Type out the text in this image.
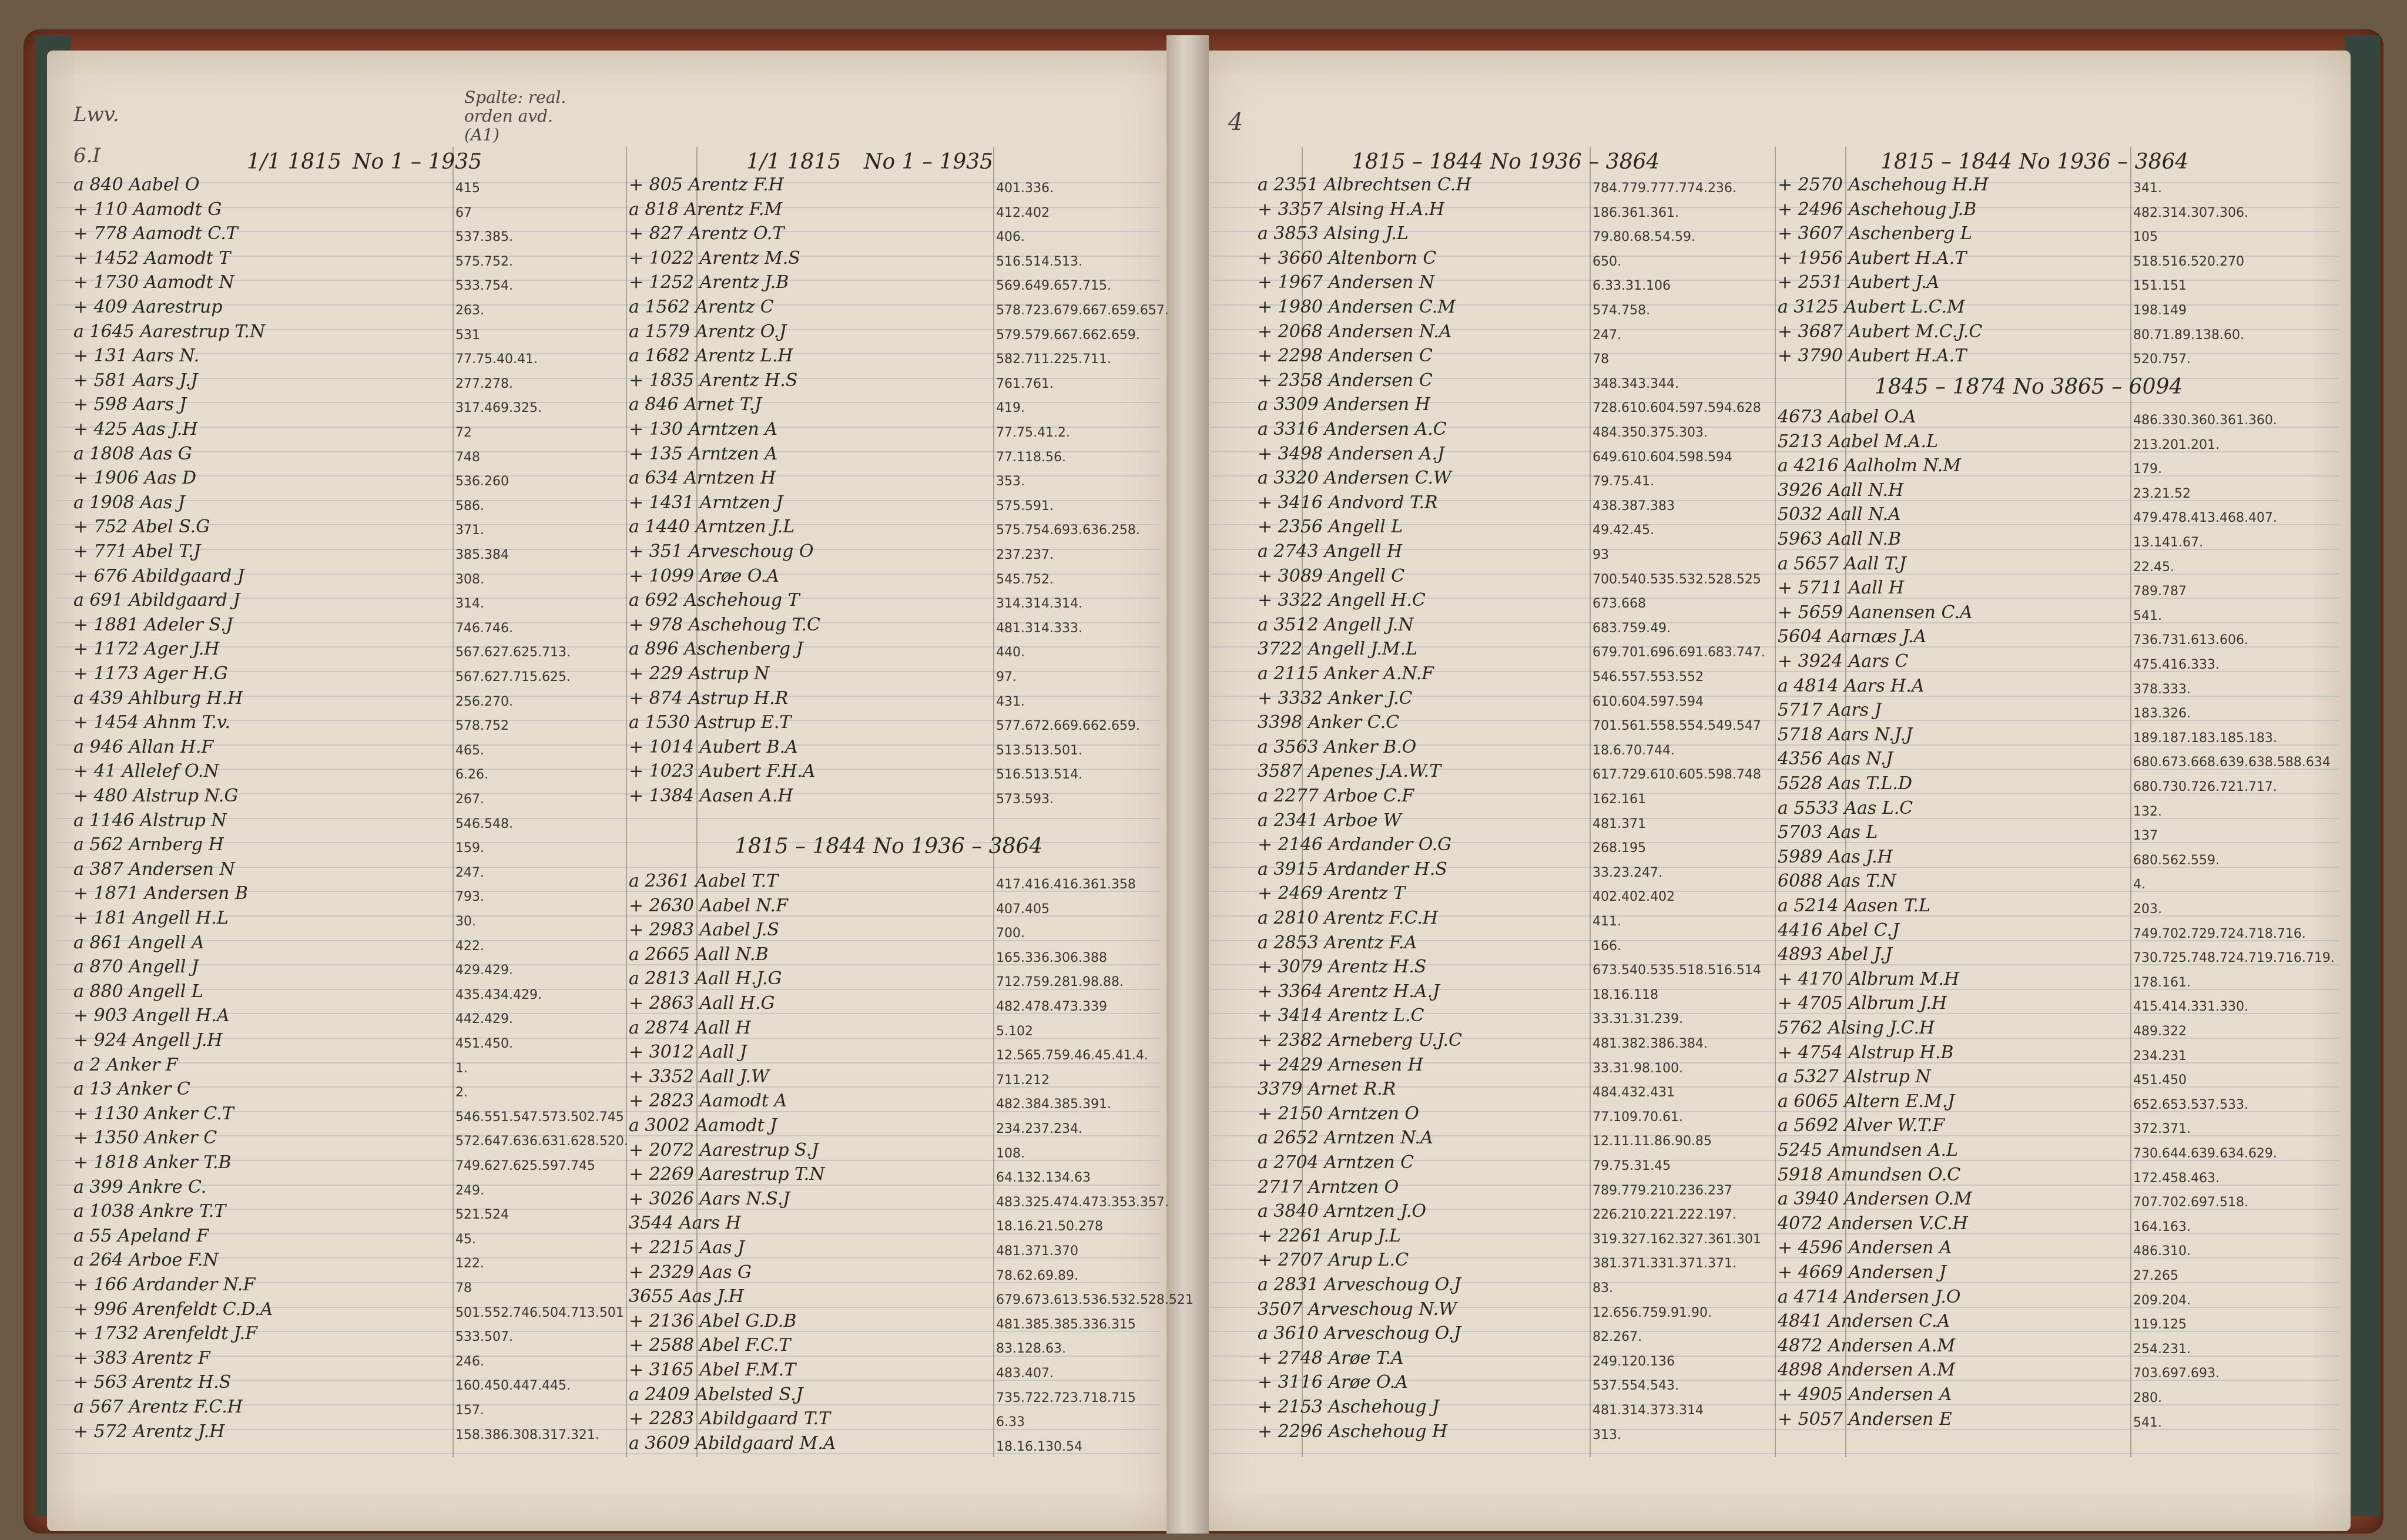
Lwv.
6.I
Spalte: real. orden avd. (A1)
1/1 1815 No 1 – 1935	1/1 1815 No 1 – 1935
1815 – 1844 No 1936 – 3864
4
1815 – 1844 No 1936 – 3864	1815 – 1844 No 1936 – 3864
1845 – 1874 No 3865 – 6094
a 840 Aabel O	415
+ 110 Aamodt G	67
+ 778 Aamodt C.T	537.385.
+ 1452 Aamodt T	575.752.
+ 1730 Aamodt N	533.754.
+ 409 Aarestrup	263.
a 1645 Aarestrup T.N	531
+ 131 Aars N.	77.75.40.41.
+ 581 Aars J.J	277.278.
+ 598 Aars J	317.469.325.
+ 425 Aas J.H	72
a 1808 Aas G	748
+ 1906 Aas D	536.260
a 1908 Aas J	586.
+ 752 Abel S.G	371.
+ 771 Abel T.J	385.384
+ 676 Abildgaard J	308.
a 691 Abildgaard J	314.
+ 1881 Adeler S.J	746.746.
+ 1172 Ager J.H	567.627.625.713.
+ 1173 Ager H.G	567.627.715.625.
a 439 Ahlburg H.H	256.270.
+ 1454 Ahnm T.v.	578.752
a 946 Allan H.F	465.
+ 41 Allelef O.N	6.26.
+ 480 Alstrup N.G	267.
a 1146 Alstrup N	546.548.
a 562 Arnberg H	159.
a 387 Andersen N	247.
+ 1871 Andersen B	793.
+ 181 Angell H.L	30.
a 861 Angell A	422.
a 870 Angell J	429.429.
a 880 Angell L	435.434.429.
+ 903 Angell H.A	442.429.
+ 924 Angell J.H	451.450.
a 2 Anker F	1.
a 13 Anker C	2.
+ 1130 Anker C.T	546.551.547.573.502.745
+ 1350 Anker C	572.647.636.631.628.520.
+ 1818 Anker T.B	749.627.625.597.745
a 399 Ankre C.	249.
a 1038 Ankre T.T	521.524
a 55 Apeland F	45.
a 264 Arboe F.N	122.
+ 166 Ardander N.F	78
+ 996 Arenfeldt C.D.A	501.552.746.504.713.501
+ 1732 Arenfeldt J.F	533.507.
+ 383 Arentz F	246.
+ 563 Arentz H.S	160.450.447.445.
a 567 Arentz F.C.H	157.
+ 572 Arentz J.H	158.386.308.317.321.
+ 805 Arentz F.H	401.336.
a 818 Arentz F.M	412.402
+ 827 Arentz O.T	406.
+ 1022 Arentz M.S	516.514.513.
+ 1252 Arentz J.B	569.649.657.715.
a 1562 Arentz C	578.723.679.667.659.657.
a 1579 Arentz O.J	579.579.667.662.659.
a 1682 Arentz L.H	582.711.225.711.
+ 1835 Arentz H.S	761.761.
a 846 Arnet T.J	419.
+ 130 Arntzen A	77.75.41.2.
+ 135 Arntzen A	77.118.56.
a 634 Arntzen H	353.
+ 1431 Arntzen J	575.591.
a 1440 Arntzen J.L	575.754.693.636.258.
+ 351 Arveschoug O	237.237.
+ 1099 Arøe O.A	545.752.
a 692 Aschehoug T	314.314.314.
+ 978 Aschehoug T.C	481.314.333.
a 896 Aschenberg J	440.
+ 229 Astrup N	97.
+ 874 Astrup H.R	431.
a 1530 Astrup E.T	577.672.669.662.659.
+ 1014 Aubert B.A	513.513.501.
+ 1023 Aubert F.H.A	516.513.514.
+ 1384 Aasen A.H	573.593.
a 2361 Aabel T.T	417.416.416.361.358
+ 2630 Aabel N.F	407.405
+ 2983 Aabel J.S	700.
a 2665 Aall N.B	165.336.306.388
a 2813 Aall H.J.G	712.759.281.98.88.
+ 2863 Aall H.G	482.478.473.339
a 2874 Aall H	5.102
+ 3012 Aall J	12.565.759.46.45.41.4.
+ 3352 Aall J.W	711.212
+ 2823 Aamodt A	482.384.385.391.
a 3002 Aamodt J	234.237.234.
+ 2072 Aarestrup S.J	108.
+ 2269 Aarestrup T.N	64.132.134.63
+ 3026 Aars N.S.J	483.325.474.473.353.357.
3544 Aars H	18.16.21.50.278
+ 2215 Aas J	481.371.370
+ 2329 Aas G	78.62.69.89.
3655 Aas J.H	679.673.613.536.532.528.521
+ 2136 Abel G.D.B	481.385.385.336.315
+ 2588 Abel F.C.T	83.128.63.
+ 3165 Abel F.M.T	483.407.
a 2409 Abelsted S.J	735.722.723.718.715
+ 2283 Abildgaard T.T	6.33
a 3609 Abildgaard M.A	18.16.130.54
a 2351 Albrechtsen C.H	784.779.777.774.236.
+ 3357 Alsing H.A.H	186.361.361.
a 3853 Alsing J.L	79.80.68.54.59.
+ 3660 Altenborn C	650.
+ 1967 Andersen N	6.33.31.106
+ 1980 Andersen C.M	574.758.
+ 2068 Andersen N.A	247.
+ 2298 Andersen C	78
+ 2358 Andersen C	348.343.344.
a 3309 Andersen H	728.610.604.597.594.628
a 3316 Andersen A.C	484.350.375.303.
+ 3498 Andersen A.J	649.610.604.598.594
a 3320 Andersen C.W	79.75.41.
+ 3416 Andvord T.R	438.387.383
+ 2356 Angell L	49.42.45.
a 2743 Angell H	93
+ 3089 Angell C	700.540.535.532.528.525
+ 3322 Angell H.C	673.668
a 3512 Angell J.N	683.759.49.
3722 Angell J.M.L	679.701.696.691.683.747.
a 2115 Anker A.N.F	546.557.553.552
+ 3332 Anker J.C	610.604.597.594
3398 Anker C.C	701.561.558.554.549.547
a 3563 Anker B.O	18.6.70.744.
3587 Apenes J.A.W.T	617.729.610.605.598.748
a 2277 Arboe C.F	162.161
a 2341 Arboe W	481.371
+ 2146 Ardander O.G	268.195
a 3915 Ardander H.S	33.23.247.
+ 2469 Arentz T	402.402.402
a 2810 Arentz F.C.H	411.
a 2853 Arentz F.A	166.
+ 3079 Arentz H.S	673.540.535.518.516.514
+ 3364 Arentz H.A.J	18.16.118
+ 3414 Arentz L.C	33.31.31.239.
+ 2382 Arneberg U.J.C	481.382.386.384.
+ 2429 Arnesen H	33.31.98.100.
3379 Arnet R.R	484.432.431
+ 2150 Arntzen O	77.109.70.61.
a 2652 Arntzen N.A	12.11.11.86.90.85
a 2704 Arntzen C	79.75.31.45
2717 Arntzen O	789.779.210.236.237
a 3840 Arntzen J.O	226.210.221.222.197.
+ 2261 Arup J.L	319.327.162.327.361.301
+ 2707 Arup L.C	381.371.331.371.371.
a 2831 Arveschoug O.J	83.
3507 Arveschoug N.W	12.656.759.91.90.
a 3610 Arveschoug O.J	82.267.
+ 2748 Arøe T.A	249.120.136
+ 3116 Arøe O.A	537.554.543.
+ 2153 Aschehoug J	481.314.373.314
+ 2296 Aschehoug H	313.
+ 2570 Aschehoug H.H	341.
+ 2496 Aschehoug J.B	482.314.307.306.
+ 3607 Aschenberg L	105
+ 1956 Aubert H.A.T	518.516.520.270
+ 2531 Aubert J.A	151.151
a 3125 Aubert L.C.M	198.149
+ 3687 Aubert M.C.J.C	80.71.89.138.60.
+ 3790 Aubert H.A.T	520.757.
4673 Aabel O.A	486.330.360.361.360.
5213 Aabel M.A.L	213.201.201.
a 4216 Aalholm N.M	179.
3926 Aall N.H	23.21.52
5032 Aall N.A	479.478.413.468.407.
5963 Aall N.B	13.141.67.
a 5657 Aall T.J	22.45.
+ 5711 Aall H	789.787
+ 5659 Aanensen C.A	541.
5604 Aarnæs J.A	736.731.613.606.
+ 3924 Aars C	475.416.333.
a 4814 Aars H.A	378.333.
5717 Aars J	183.326.
5718 Aars N.J.J	189.187.183.185.183.
4356 Aas N.J	680.673.668.639.638.588.634
5528 Aas T.L.D	680.730.726.721.717.
a 5533 Aas L.C	132.
5703 Aas L	137
5989 Aas J.H	680.562.559.
6088 Aas T.N	4.
a 5214 Aasen T.L	203.
4416 Abel C.J	749.702.729.724.718.716.
4893 Abel J.J	730.725.748.724.719.716.719.
+ 4170 Albrum M.H	178.161.
+ 4705 Albrum J.H	415.414.331.330.
5762 Alsing J.C.H	489.322
+ 4754 Alstrup H.B	234.231
a 5327 Alstrup N	451.450
a 6065 Altern E.M.J	652.653.537.533.
a 5692 Alver W.T.F	372.371.
5245 Amundsen A.L	730.644.639.634.629.
5918 Amundsen O.C	172.458.463.
a 3940 Andersen O.M	707.702.697.518.
4072 Andersen V.C.H	164.163.
+ 4596 Andersen A	486.310.
+ 4669 Andersen J	27.265
a 4714 Andersen J.O	209.204.
4841 Andersen C.A	119.125
4872 Andersen A.M	254.231.
4898 Andersen A.M	703.697.693.
+ 4905 Andersen A	280.
+ 5057 Andersen E	541.
